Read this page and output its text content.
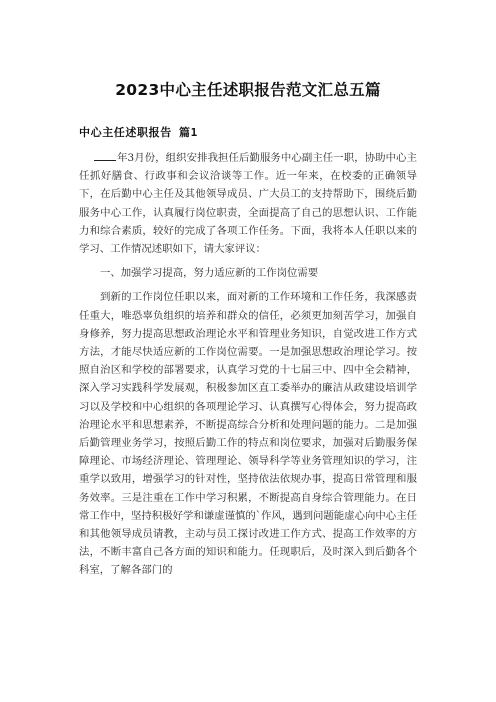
2023中心主任述职报告范文汇总五篇
中心主任述职报告 篇1

年3月份，组织安排我担任后勤服务中心副主任一职，协助中心主任抓好膳食、行政事和会议洽谈等工作。近一年来，在校委的正确领导下，在后勤中心主任及其他领导成员、广大员工的支持帮助下，围绕后勤服务中心工作，认真履行岗位职责，全面提高了自己的思想认识、工作能力和综合素质，较好的完成了各项工作任务。下面，我将本人任职以来的学习、工作情况述职如下，请大家评议：

一、加强学习提高，努力适应新的工作岗位需要

到新的工作岗位任职以来，面对新的工作环境和工作任务，我深感责任重大，唯恐辜负组织的培养和群众的信任，必须更加刻苦学习，加强自身修养，努力提高思想政治理论水平和管理业务知识，自觉改进工作方式方法，才能尽快适应新的工作岗位需要。一是加强思想政治理论学习。按照自治区和学校的部署要求，认真学习党的十七届三中、四中全会精神，深入学习实践科学发展观，积极参加区直工委举办的廉洁从政建设培训学习以及学校和中心组织的各项理论学习、认真撰写心得体会，努力提高政治理论水平和思想素养，不断提高综合分析和处理问题的能力。二是加强后勤管理业务学习，按照后勤工作的特点和岗位要求，加强对后勤服务保障理论、市场经济理论、管理理论、领导科学等业务管理知识的学习，注重学以致用，增强学习的针对性，坚持依法依规办事，提高日常管理和服务效率。三是注重在工作中学习积累，不断提高自身综合管理能力。在日常工作中，坚持积极好学和谦虚谨慎的`作风，遇到问题能虚心向中心主任和其他领导成员请教，主动与员工探讨改进工作方式、提高工作效率的方法，不断丰富自己各方面的知识和能力。任现职后，及时深入到后勤各个科室，了解各部门的
